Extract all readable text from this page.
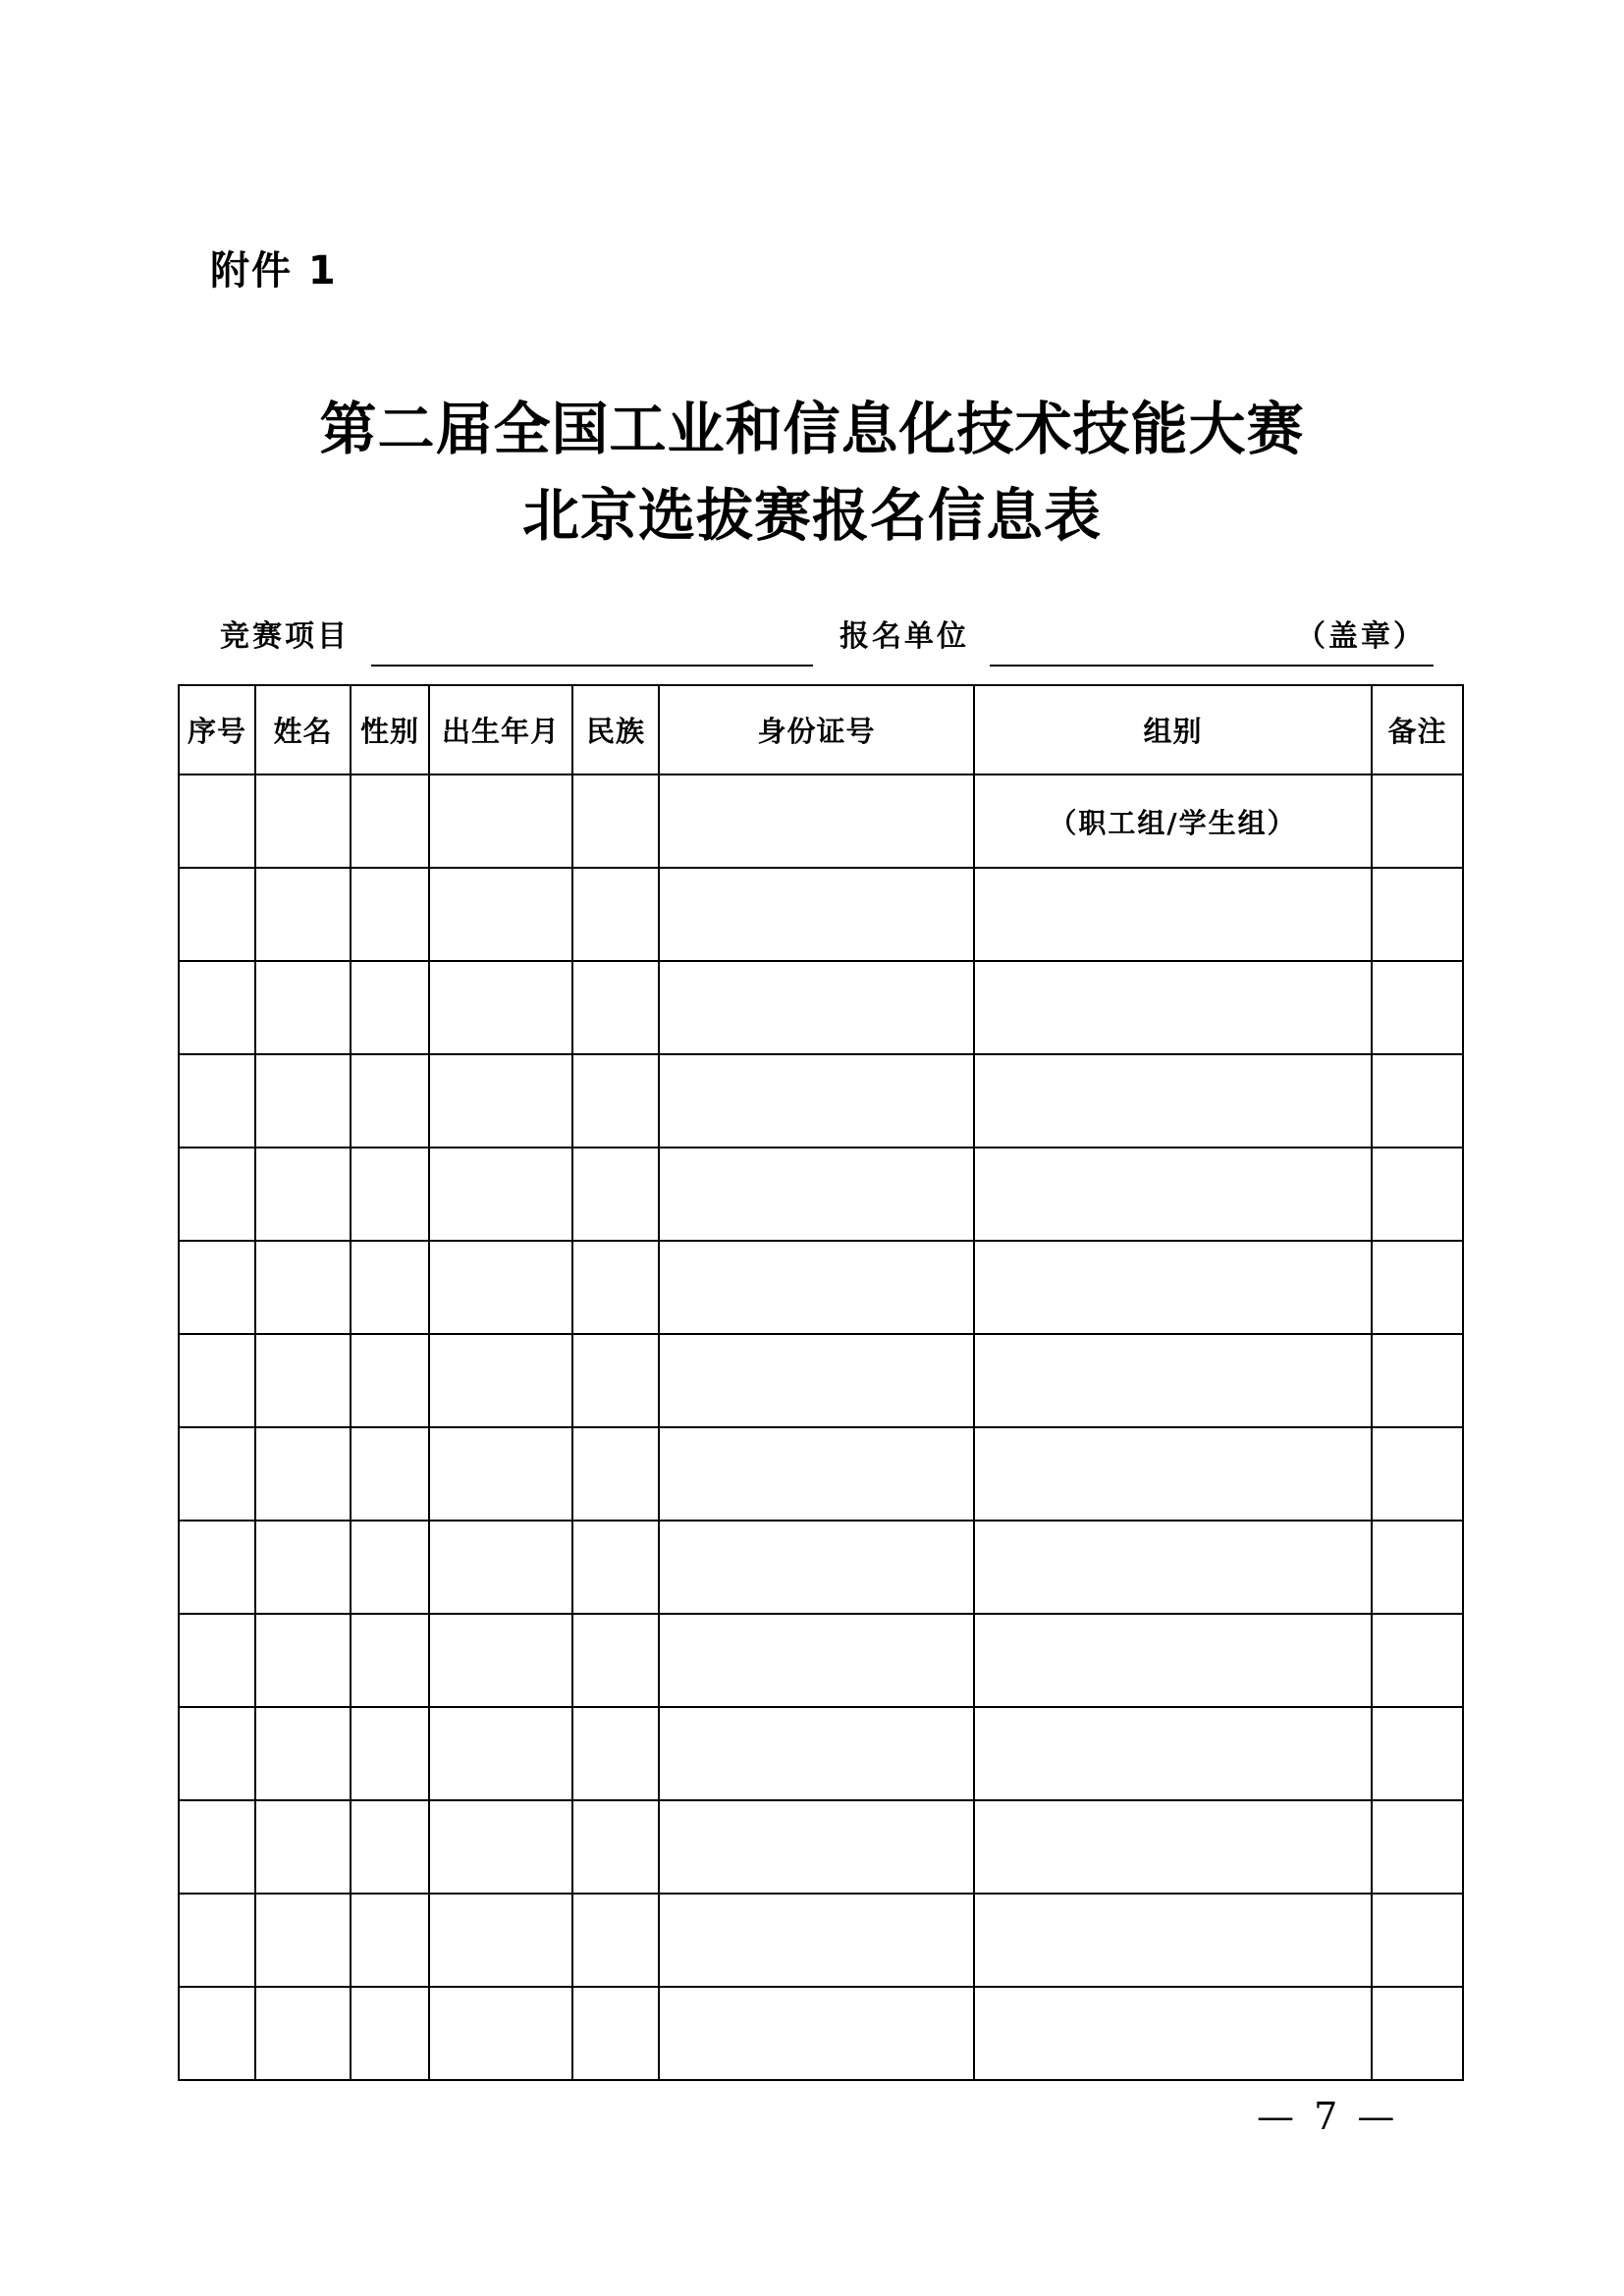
附件 1
第二届全国工业和信息化技术技能大赛
北京选拔赛报名信息表
竞赛项目	报名单位	（盖章）
序号	姓名	性别	出生年月	民族	身份证号	组别	备注
						（职工组/学生组）	

— 7 —
